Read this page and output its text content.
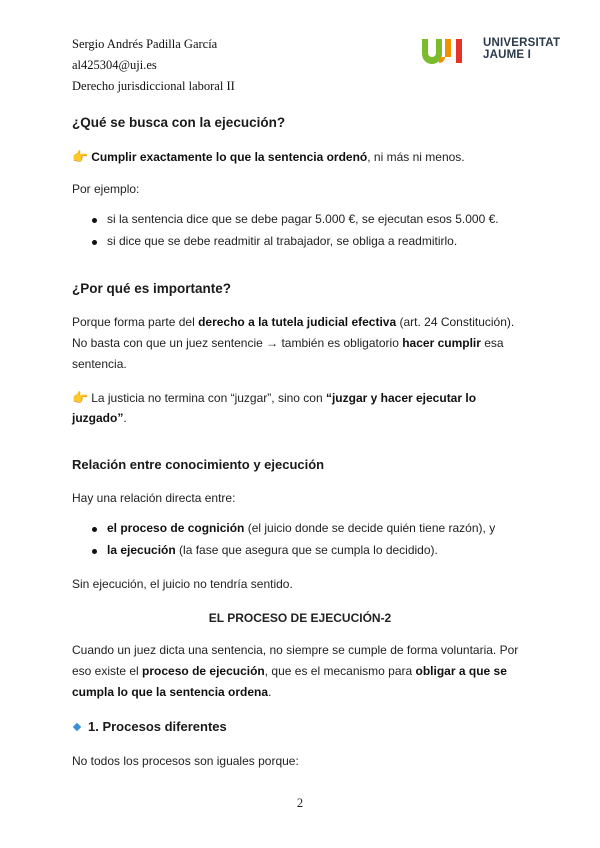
Sergio Andrés Padilla García
al425304@uji.es
Derecho jurisdiccional laboral II
UNIVERSITAT
JAUME I
¿Qué se busca con la ejecución?
👉 Cumplir exactamente lo que la sentencia ordenó, ni más ni menos.
Por ejemplo:
si la sentencia dice que se debe pagar 5.000 €, se ejecutan esos 5.000 €.
si dice que se debe readmitir al trabajador, se obliga a readmitirlo.
¿Por qué es importante?
Porque forma parte del derecho a la tutela judicial efectiva (art. 24 Constitución).
No basta con que un juez sentencie → también es obligatorio hacer cumplir esa
sentencia.
👉 La justicia no termina con “juzgar”, sino con “juzgar y hacer ejecutar lo
juzgado”.
Relación entre conocimiento y ejecución
Hay una relación directa entre:
el proceso de cognición (el juicio donde se decide quién tiene razón), y
la ejecución (la fase que asegura que se cumpla lo decidido).
Sin ejecución, el juicio no tendría sentido.
EL PROCESO DE EJECUCIÓN-2
Cuando un juez dicta una sentencia, no siempre se cumple de forma voluntaria. Por
eso existe el proceso de ejecución, que es el mecanismo para obligar a que se
cumpla lo que la sentencia ordena.
1. Procesos diferentes
No todos los procesos son iguales porque:
2
